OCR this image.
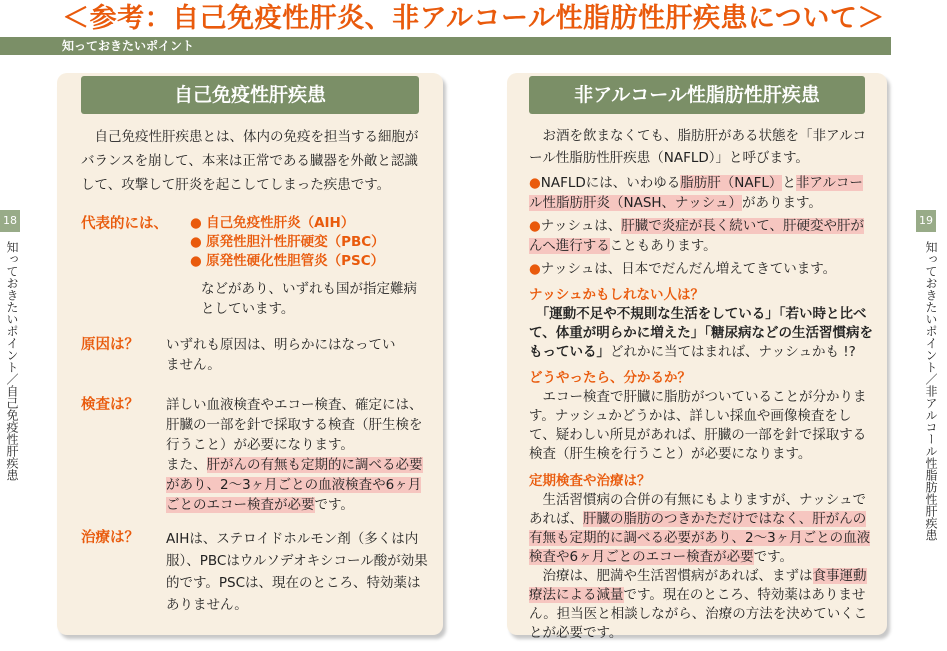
＜参考：自己免疫性肝炎、非アルコール性脂肪性肝疾患について＞
知っておきたいポイント
18	19
知っておきたいポイント／自己免疫性肝疾患	知っておきたいポイント／非アルコール性脂肪性肝疾患
自己免疫性肝疾患
　自己免疫性肝疾患とは、体内の免疫を担当する細胞がバランスを崩して、本来は正常である臓器を外敵と認識して、攻撃して肝炎を起こしてしまった疾患です。
代表的には、 ● 自己免疫性肝炎（AIH）
● 原発性胆汁性肝硬変（PBC）
● 原発性硬化性胆管炎（PSC）
などがあり、いずれも国が指定難病としています。
原因は？ いずれも原因は、明らかにはなっていません。
検査は？ 詳しい血液検査やエコー検査、確定には、肝臓の一部を針で採取する検査（肝生検を行うこと）が必要になります。
また、肝がんの有無も定期的に調べる必要があり、2～3ヶ月ごとの血液検査や6ヶ月ごとのエコー検査が必要です。
治療は？ AIHは、ステロイドホルモン剤（多くは内服）、PBCはウルソデオキシコール酸が効果的です。PSCは、現在のところ、特効薬はありません。
非アルコール性脂肪性肝疾患
　お酒を飲まなくても、脂肪肝がある状態を「非アルコール性脂肪性肝疾患（NAFLD）」と呼びます。
●NAFLDには、いわゆる脂肪肝（NAFL）と非アルコール性脂肪肝炎（NASH、ナッシュ）があります。
●ナッシュは、肝臓で炎症が長く続いて、肝硬変や肝がんへ進行することもあります。
●ナッシュは、日本でだんだん増えてきています。
ナッシュかもしれない人は？
　「運動不足や不規則な生活をしている」「若い時と比べて、体重が明らかに増えた」「糖尿病などの生活習慣病をもっている」どれかに当てはまれば、ナッシュかも !?
どうやったら、分かるか？
　エコー検査で肝臓に脂肪がついていることが分かります。ナッシュかどうかは、詳しい採血や画像検査をして、疑わしい所見があれば、肝臓の一部を針で採取する検査（肝生検を行うこと）が必要になります。
定期検査や治療は？
　生活習慣病の合併の有無にもよりますが、ナッシュであれば、肝臓の脂肪のつきかただけではなく、肝がんの有無も定期的に調べる必要があり、2～3ヶ月ごとの血液検査や6ヶ月ごとのエコー検査が必要です。
　治療は、肥満や生活習慣病があれば、まずは食事運動療法による減量です。現在のところ、特効薬はありません。担当医と相談しながら、治療の方法を決めていくことが必要です。
